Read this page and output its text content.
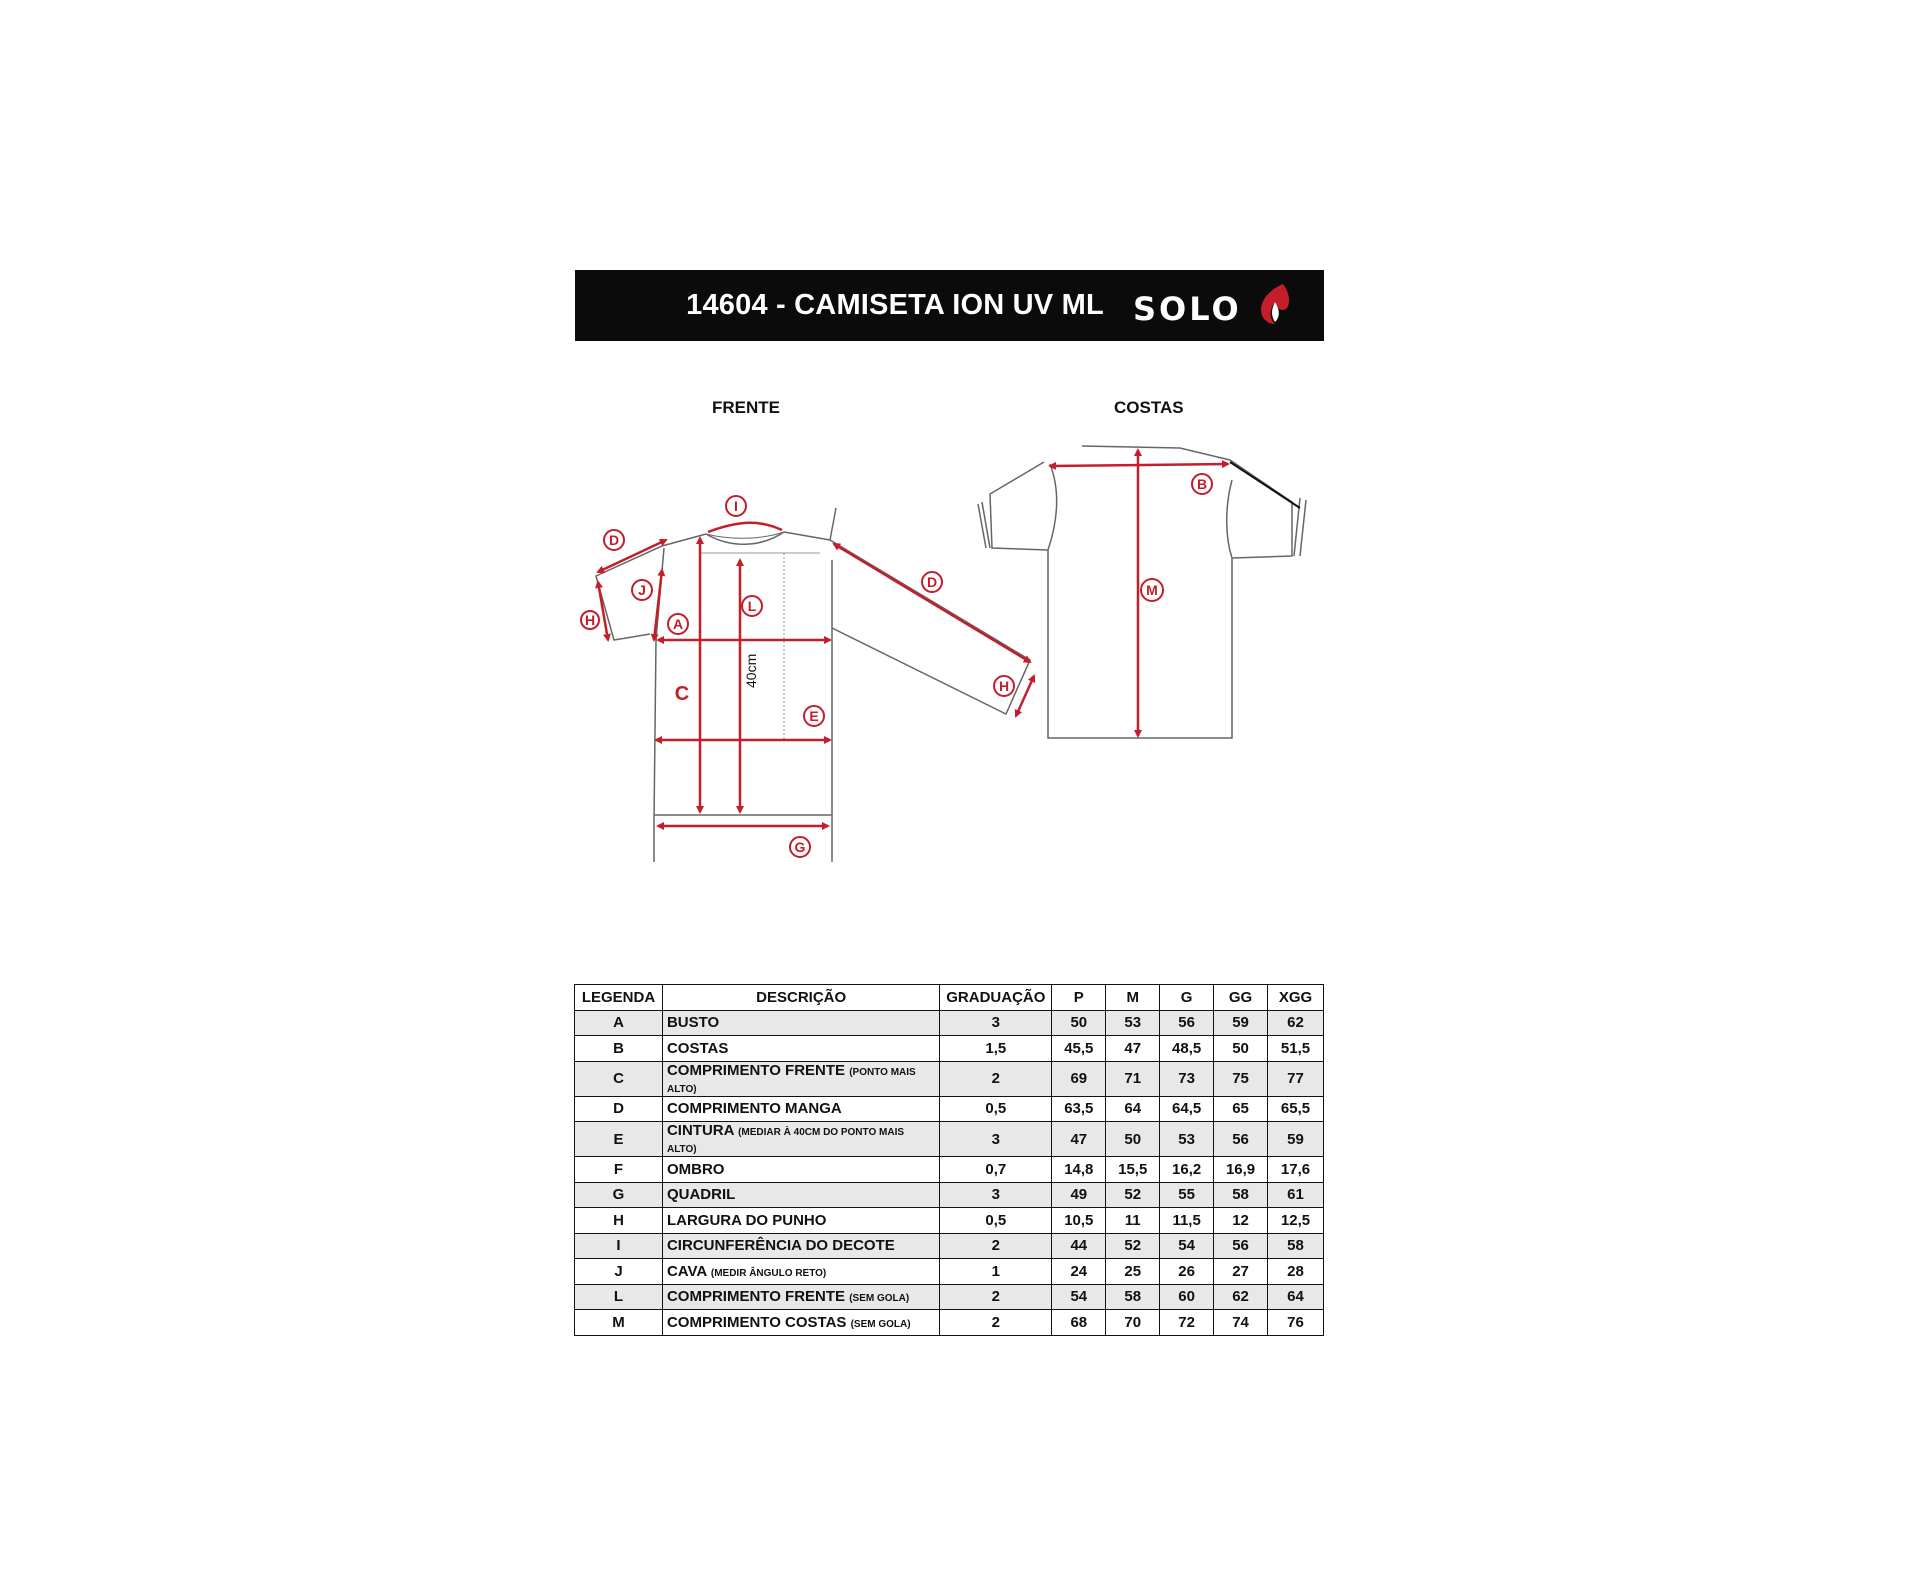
14604 - CAMISETA ION UV ML SOLO
FRENTE	COSTAS
I
D
J
H	A
L
C
E
G
D
H
40cm
B
M
LEGENDA	DESCRIÇÃO	GRADUAÇÃO	P	M	G	GG	XGG
A	BUSTO	3	50	53	56	59	62
B	COSTAS	1,5	45,5	47	48,5	50	51,5
C	COMPRIMENTO FRENTE (PONTO MAIS ALTO)	2	69	71	73	75	77
D	COMPRIMENTO MANGA	0,5	63,5	64	64,5	65	65,5
E	CINTURA (MEDIAR À 40CM DO PONTO MAIS ALTO)	3	47	50	53	56	59
F	OMBRO	0,7	14,8	15,5	16,2	16,9	17,6
G	QUADRIL	3	49	52	55	58	61
H	LARGURA DO PUNHO	0,5	10,5	11	11,5	12	12,5
I	CIRCUNFERÊNCIA DO DECOTE	2	44	52	54	56	58
J	CAVA (MEDIR ÂNGULO RETO)	1	24	25	26	27	28
L	COMPRIMENTO FRENTE (SEM GOLA)	2	54	58	60	62	64
M	COMPRIMENTO COSTAS (SEM GOLA)	2	68	70	72	74	76
